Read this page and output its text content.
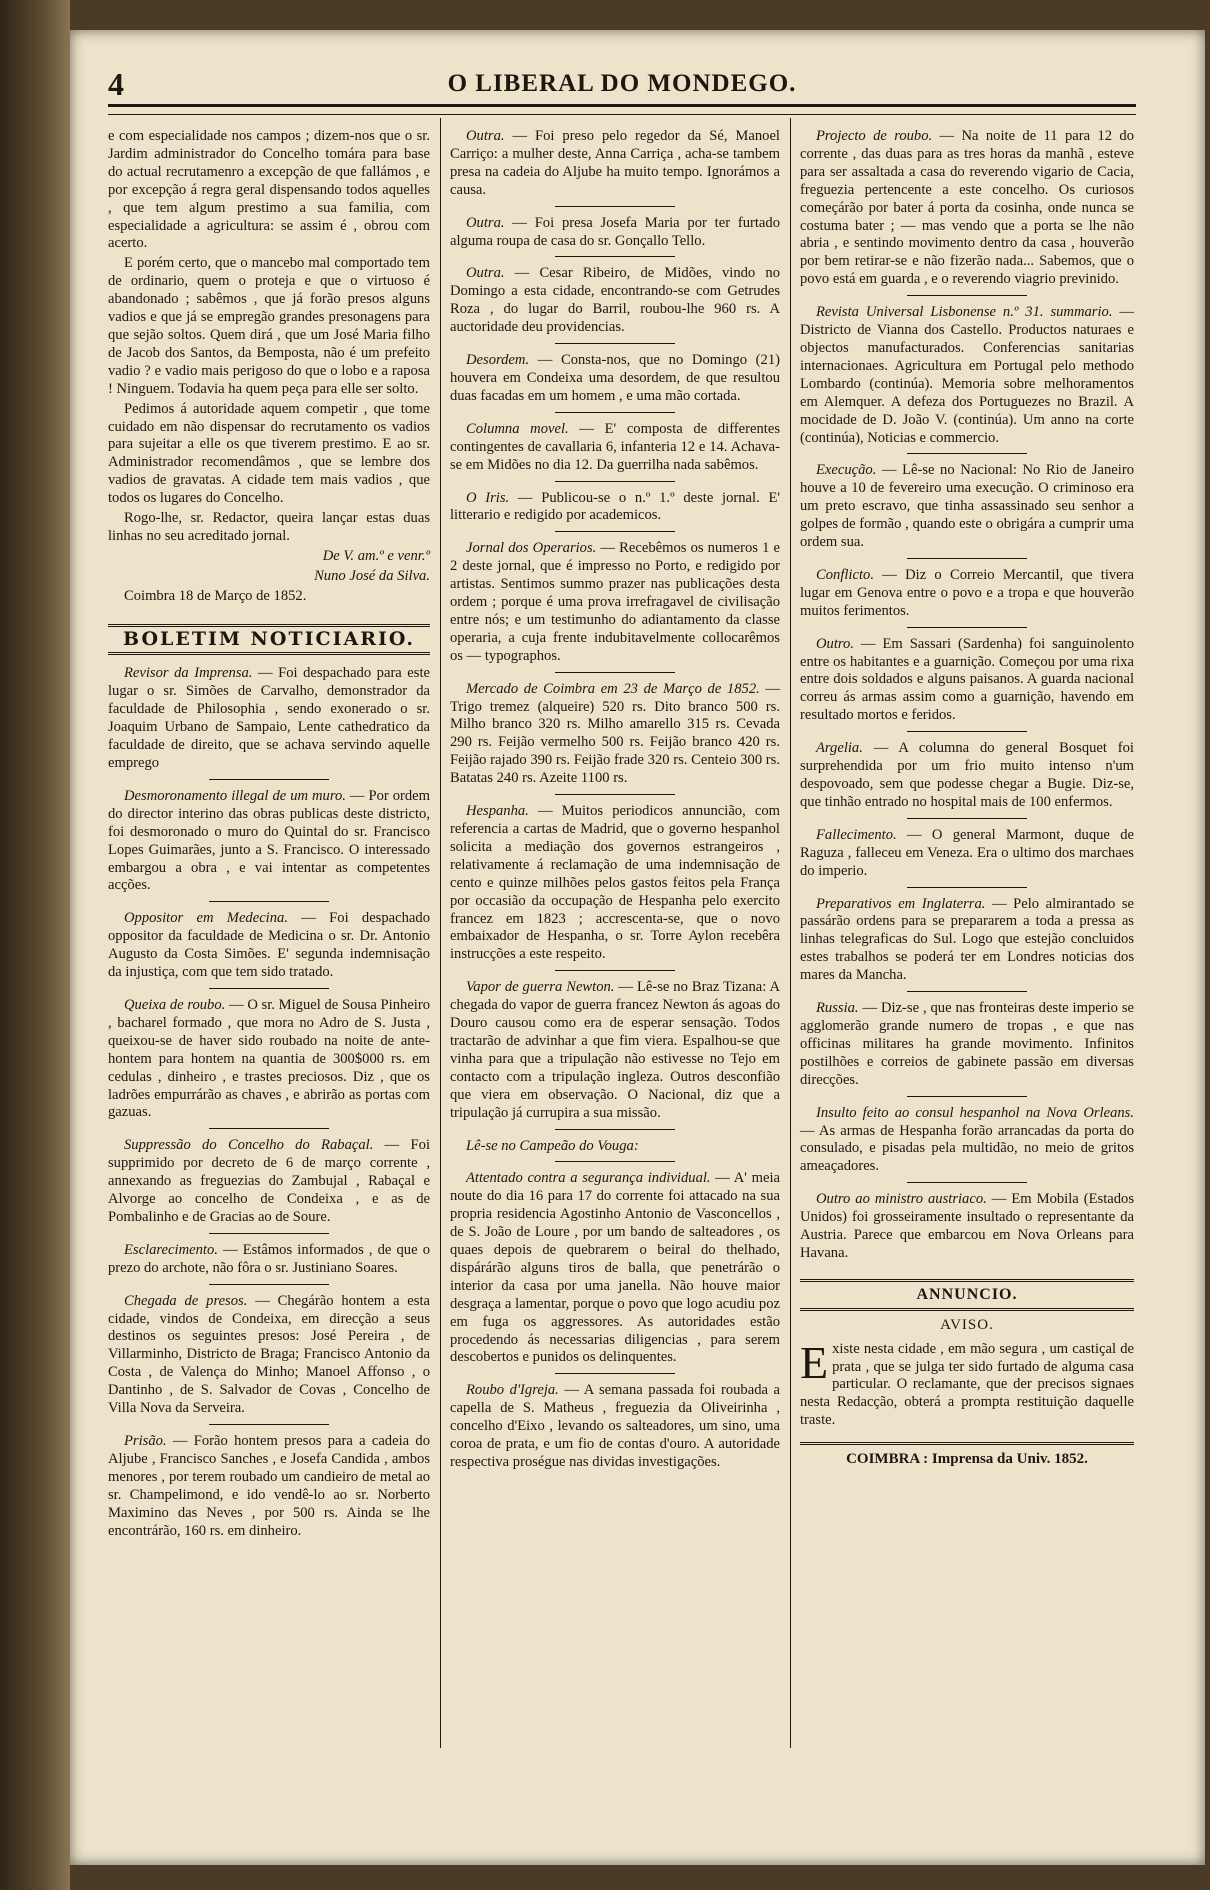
4	O LIBERAL DO MONDEGO.

e com especialidade nos campos ; dizem-nos que o sr. Jardim administrador do Concelho tomára para base do actual recrutamenro a excepção de que fallámos , e por excepção á regra geral dispensando todos aquelles , que tem algum prestimo a sua familia, com especialidade a agricultura: se assim é , obrou com acerto.

E porém certo, que o mancebo mal comportado tem de ordinario, quem o proteja e que o virtuoso é abandonado ; sabêmos , que já forão presos alguns vadios e que já se empregão grandes presonagens para que sejão soltos. Quem dirá , que um José Maria filho de Jacob dos Santos, da Bemposta, não é um prefeito vadio ? e vadio mais perigoso do que o lobo e a raposa ! Ninguem. Todavia ha quem peça para elle ser solto.

Pedimos á autoridade aquem competir , que tome cuidado em não dispensar do recrutamento os vadios para sujeitar a elle os que tiverem prestimo. E ao sr. Administrador recomendâmos , que se lembre dos vadios de gravatas. A cidade tem mais vadios , que todos os lugares do Concelho.

Rogo-lhe, sr. Redactor, queira lançar estas duas linhas no seu acreditado jornal.

De V. am.º e venr.º

Nuno José da Silva.

Coimbra 18 de Março de 1852.

BOLETIM NOTICIARIO.

Revisor da Imprensa. — Foi despachado para este lugar o sr. Simões de Carvalho, demonstrador da faculdade de Philosophia , sendo exonerado o sr. Joaquim Urbano de Sampaio, Lente cathedratico da faculdade de direito, que se achava servindo aquelle emprego

Desmoronamento illegal de um muro. — Por ordem do director interino das obras publicas deste districto, foi desmoronado o muro do Quintal do sr. Francisco Lopes Guimarães, junto a S. Francisco. O interessado embargou a obra , e vai intentar as competentes acções.

Oppositor em Medecina. — Foi despachado oppositor da faculdade de Medicina o sr. Dr. Antonio Augusto da Costa Simões. E' segunda indemnisação da injustiça, com que tem sido tratado.

Queixa de roubo. — O sr. Miguel de Sousa Pinheiro , bacharel formado , que mora no Adro de S. Justa , queixou-se de haver sido roubado na noite de ante-hontem para hontem na quantia de 300$000 rs. em cedulas , dinheiro , e trastes preciosos. Diz , que os ladrões empurrárão as chaves , e abrirão as portas com gazuas.

Suppressão do Concelho do Rabaçal. — Foi supprimido por decreto de 6 de março corrente , annexando as freguezias do Zambujal , Rabaçal e Alvorge ao concelho de Condeixa , e as de Pombalinho e de Gracias ao de Soure.

Esclarecimento. — Estâmos informados , de que o prezo do archote, não fôra o sr. Justiniano Soares.

Chegada de presos. — Chegárão hontem a esta cidade, vindos de Condeixa, em direcção a seus destinos os seguintes presos: José Pereira , de Villarminho, Districto de Braga; Francisco Antonio da Costa , de Valença do Minho; Manoel Affonso , o Dantinho , de S. Salvador de Covas , Concelho de Villa Nova da Serveira.

Prisão. — Forão hontem presos para a cadeia do Aljube , Francisco Sanches , e Josefa Candida , ambos menores , por terem roubado um candieiro de metal ao sr. Champelimond, e ido vendê-lo ao sr. Norberto Maximino das Neves , por 500 rs. Ainda se lhe encontrárão, 160 rs. em dinheiro.

Outra. — Foi preso pelo regedor da Sé, Manoel Carriço: a mulher deste, Anna Carriça , acha-se tambem presa na cadeia do Aljube ha muito tempo. Ignorámos a causa.

Outra. — Foi presa Josefa Maria por ter furtado alguma roupa de casa do sr. Gonçallo Tello.

Outra. — Cesar Ribeiro, de Midões, vindo no Domingo a esta cidade, encontrando-se com Getrudes Roza , do lugar do Barril, roubou-lhe 960 rs. A auctoridade deu providencias.

Desordem. — Consta-nos, que no Domingo (21) houvera em Condeixa uma desordem, de que resultou duas facadas em um homem , e uma mão cortada.

Columna movel. — E' composta de differentes contingentes de cavallaria 6, infanteria 12 e 14. Achava-se em Midões no dia 12. Da guerrilha nada sabêmos.

O Iris. — Publicou-se o n.º 1.º deste jornal. E' litterario e redigido por academicos.

Jornal dos Operarios. — Recebêmos os numeros 1 e 2 deste jornal, que é impresso no Porto, e redigido por artistas. Sentimos summo prazer nas publicações desta ordem ; porque é uma prova irrefragavel de civilisação entre nós; e um testimunho do adiantamento da classe operaria, a cuja frente indubitavelmente collocarêmos os — typographos.

Mercado de Coimbra em 23 de Março de 1852. — Trigo tremez (alqueire) 520 rs. Dito branco 500 rs. Milho branco 320 rs. Milho amarello 315 rs. Cevada 290 rs. Feijão vermelho 500 rs. Feijão branco 420 rs. Feijão rajado 390 rs. Feijão frade 320 rs. Centeio 300 rs. Batatas 240 rs. Azeite 1100 rs.

Hespanha. — Muitos periodicos annuncião, com referencia a cartas de Madrid, que o governo hespanhol solicita a mediação dos governos estrangeiros , relativamente á reclamação de uma indemnisação de cento e quinze milhões pelos gastos feitos pela França por occasião da occupação de Hespanha pelo exercito francez em 1823 ; accrescenta-se, que o novo embaixador de Hespanha, o sr. Torre Aylon recebêra instrucções a este respeito.

Vapor de guerra Newton. — Lê-se no Braz Tizana: A chegada do vapor de guerra francez Newton ás agoas do Douro causou como era de esperar sensação. Todos tractarão de advinhar a que fim viera. Espalhou-se que vinha para que a tripulação não estivesse no Tejo em contacto com a tripulação ingleza. Outros desconfião que viera em observação. O Nacional, diz que a tripulação já currupira a sua missão.

Lê-se no Campeão do Vouga:

Attentado contra a segurança individual. — A' meia noute do dia 16 para 17 do corrente foi attacado na sua propria residencia Agostinho Antonio de Vasconcellos , de S. João de Loure , por um bando de salteadores , os quaes depois de quebrarem o beiral do thelhado, dispárárão alguns tiros de balla, que penetrárão o interior da casa por uma janella. Não houve maior desgraça a lamentar, porque o povo que logo acudiu poz em fuga os aggressores. As autoridades estão procedendo ás necessarias diligencias , para serem descobertos e punidos os delinquentes.

Roubo d'Igreja. — A semana passada foi roubada a capella de S. Matheus , freguezia da Oliveirinha , concelho d'Eixo , levando os salteadores, um sino, uma coroa de prata, e um fio de contas d'ouro. A autoridade respectiva proségue nas dividas investigações.

Projecto de roubo. — Na noite de 11 para 12 do corrente , das duas para as tres horas da manhã , esteve para ser assaltada a casa do reverendo vigario de Cacia, freguezia pertencente a este concelho. Os curiosos começárão por bater á porta da cosinha, onde nunca se costuma bater ; — mas vendo que a porta se lhe não abria , e sentindo movimento dentro da casa , houverão por bem retirar-se e não fizerão nada... Sabemos, que o povo está em guarda , e o reverendo viagrio previnido.

Revista Universal Lisbonense n.º 31. summario. — Districto de Vianna dos Castello. Productos naturaes e objectos manufacturados. Conferencias sanitarias internacionaes. Agricultura em Portugal pelo methodo Lombardo (continúa). Memoria sobre melhoramentos em Alemquer. A defeza dos Portuguezes no Brazil. A mocidade de D. João V. (continúa). Um anno na corte (continúa), Noticias e commercio.

Execução. — Lê-se no Nacional: No Rio de Janeiro houve a 10 de fevereiro uma execução. O criminoso era um preto escravo, que tinha assassinado seu senhor a golpes de formão , quando este o obrigára a cumprir uma ordem sua.

Conflicto. — Diz o Correio Mercantil, que tivera lugar em Genova entre o povo e a tropa e que houverão muitos ferimentos.

Outro. — Em Sassari (Sardenha) foi sanguinolento entre os habitantes e a guarnição. Começou por uma rixa entre dois soldados e alguns paisanos. A guarda nacional correu ás armas assim como a guarnição, havendo em resultado mortos e feridos.

Argelia. — A columna do general Bosquet foi surprehendida por um frio muito intenso n'um despovoado, sem que podesse chegar a Bugie. Diz-se, que tinhão entrado no hospital mais de 100 enfermos.

Fallecimento. — O general Marmont, duque de Raguza , falleceu em Veneza. Era o ultimo dos marchaes do imperio.

Preparativos em Inglaterra. — Pelo almirantado se passárão ordens para se prepararem a toda a pressa as linhas telegraficas do Sul. Logo que estejão concluidos estes trabalhos se poderá ter em Londres noticias dos mares da Mancha.

Russia. — Diz-se , que nas fronteiras deste imperio se agglomerão grande numero de tropas , e que nas officinas militares ha grande movimento. Infinitos postilhões e correios de gabinete passão em diversas direcções.

Insulto feito ao consul hespanhol na Nova Orleans. — As armas de Hespanha forão arrancadas da porta do consulado, e pisadas pela multidão, no meio de gritos ameaçadores.

Outro ao ministro austriaco. — Em Mobila (Estados Unidos) foi grosseiramente insultado o representante da Austria. Parece que embarcou em Nova Orleans para Havana.

ANNUNCIO.
AVISO.

E xiste nesta cidade , em mão segura , um castiçal de prata , que se julga ter sido furtado de alguma casa particular. O reclamante, que der precisos signaes nesta Redacção, obterá a prompta restituição daquelle traste.

COIMBRA : Imprensa da Univ. 1852.
